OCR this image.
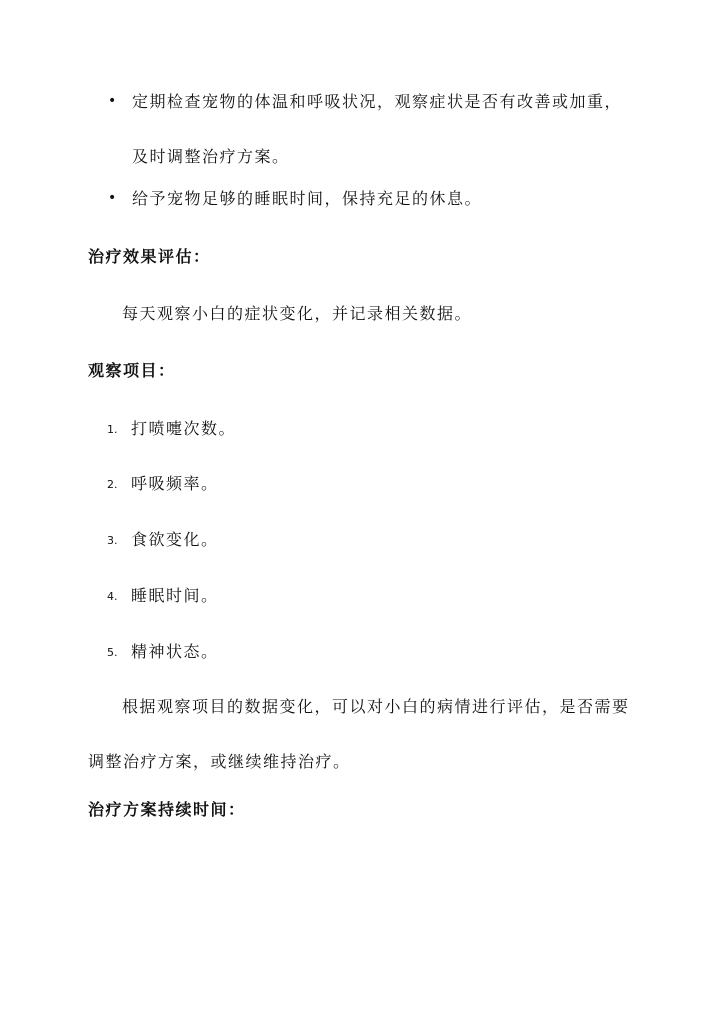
• 定期检查宠物的体温和呼吸状况，观察症状是否有改善或加重，及时调整治疗方案。
• 给予宠物足够的睡眠时间，保持充足的休息。
治疗效果评估：
每天观察小白的症状变化，并记录相关数据。
观察项目：
1. 打喷嚏次数。
2. 呼吸频率。
3. 食欲变化。
4. 睡眠时间。
5. 精神状态。
根据观察项目的数据变化，可以对小白的病情进行评估，是否需要调整治疗方案，或继续维持治疗。
治疗方案持续时间：
